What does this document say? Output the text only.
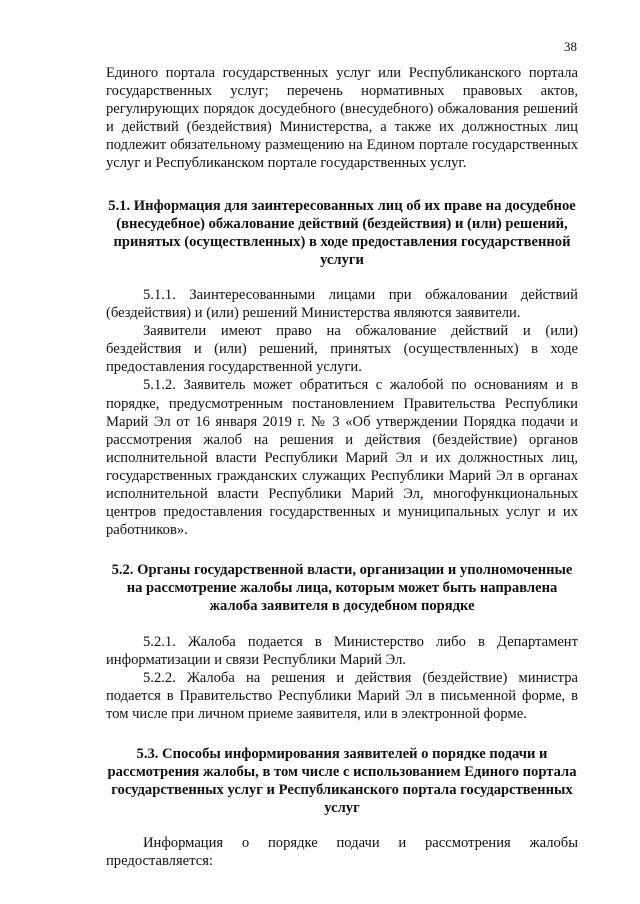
38

Единого портала государственных услуг или Республиканского портала государственных услуг; перечень нормативных правовых актов, регулирующих порядок досудебного (внесудебного) обжалования решений и действий (бездействия) Министерства, а также их должностных лиц подлежит обязательному размещению на Едином портале государственных услуг и Республиканском портале государственных услуг.

5.1. Информация для заинтересованных лиц об их праве на досудебное (внесудебное) обжалование действий (бездействия) и (или) решений, принятых (осуществленных) в ходе предоставления государственной услуги

5.1.1. Заинтересованными лицами при обжаловании действий (бездействия) и (или) решений Министерства являются заявители.

Заявители имеют право на обжалование действий и (или) бездействия и (или) решений, принятых (осуществленных) в ходе предоставления государственной услуги.

5.1.2. Заявитель может обратиться с жалобой по основаниям и в порядке, предусмотренным постановлением Правительства Республики Марий Эл от 16 января 2019 г. № 3 «Об утверждении Порядка подачи и рассмотрения жалоб на решения и действия (бездействие) органов исполнительной власти Республики Марий Эл и их должностных лиц, государственных гражданских служащих Республики Марий Эл в органах исполнительной власти Республики Марий Эл, многофункциональных центров предоставления государственных и муниципальных услуг и их работников».

5.2. Органы государственной власти, организации и уполномоченные на рассмотрение жалобы лица, которым может быть направлена жалоба заявителя в досудебном порядке

5.2.1. Жалоба подается в Министерство либо в Департамент информатизации и связи Республики Марий Эл.

5.2.2. Жалоба на решения и действия (бездействие) министра подается в Правительство Республики Марий Эл в письменной форме, в том числе при личном приеме заявителя, или в электронной форме.

5.3. Способы информирования заявителей о порядке подачи и рассмотрения жалобы, в том числе с использованием Единого портала государственных услуг и Республиканского портала государственных услуг

Информация о порядке подачи и рассмотрения жалобы предоставляется:
